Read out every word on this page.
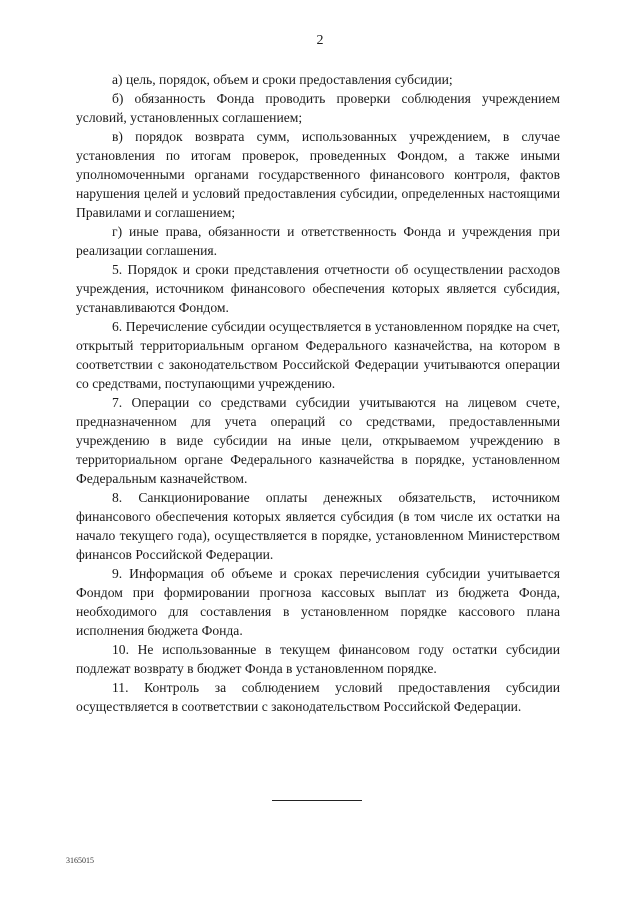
2

а) цель, порядок, объем и сроки предоставления субсидии;

б) обязанность Фонда проводить проверки соблюдения учреждением условий, установленных соглашением;

в) порядок возврата сумм, использованных учреждением, в случае установления по итогам проверок, проведенных Фондом, а также иными уполномоченными органами государственного финансового контроля, фактов нарушения целей и условий предоставления субсидии, определенных настоящими Правилами и соглашением;

г) иные права, обязанности и ответственность Фонда и учреждения при реализации соглашения.

5. Порядок и сроки представления отчетности об осуществлении расходов учреждения, источником финансового обеспечения которых является субсидия, устанавливаются Фондом.

6. Перечисление субсидии осуществляется в установленном порядке на счет, открытый территориальным органом Федерального казначейства, на котором в соответствии с законодательством Российской Федерации учитываются операции со средствами, поступающими учреждению.

7. Операции со средствами субсидии учитываются на лицевом счете, предназначенном для учета операций со средствами, предоставленными учреждению в виде субсидии на иные цели, открываемом учреждению в территориальном органе Федерального казначейства в порядке, установленном Федеральным казначейством.

8. Санкционирование оплаты денежных обязательств, источником финансового обеспечения которых является субсидия (в том числе их остатки на начало текущего года), осуществляется в порядке, установленном Министерством финансов Российской Федерации.

9. Информация об объеме и сроках перечисления субсидии учитывается Фондом при формировании прогноза кассовых выплат из бюджета Фонда, необходимого для составления в установленном порядке кассового плана исполнения бюджета Фонда.

10. Не использованные в текущем финансовом году остатки субсидии подлежат возврату в бюджет Фонда в установленном порядке.

11. Контроль за соблюдением условий предоставления субсидии осуществляется в соответствии с законодательством Российской Федерации.

3165015
